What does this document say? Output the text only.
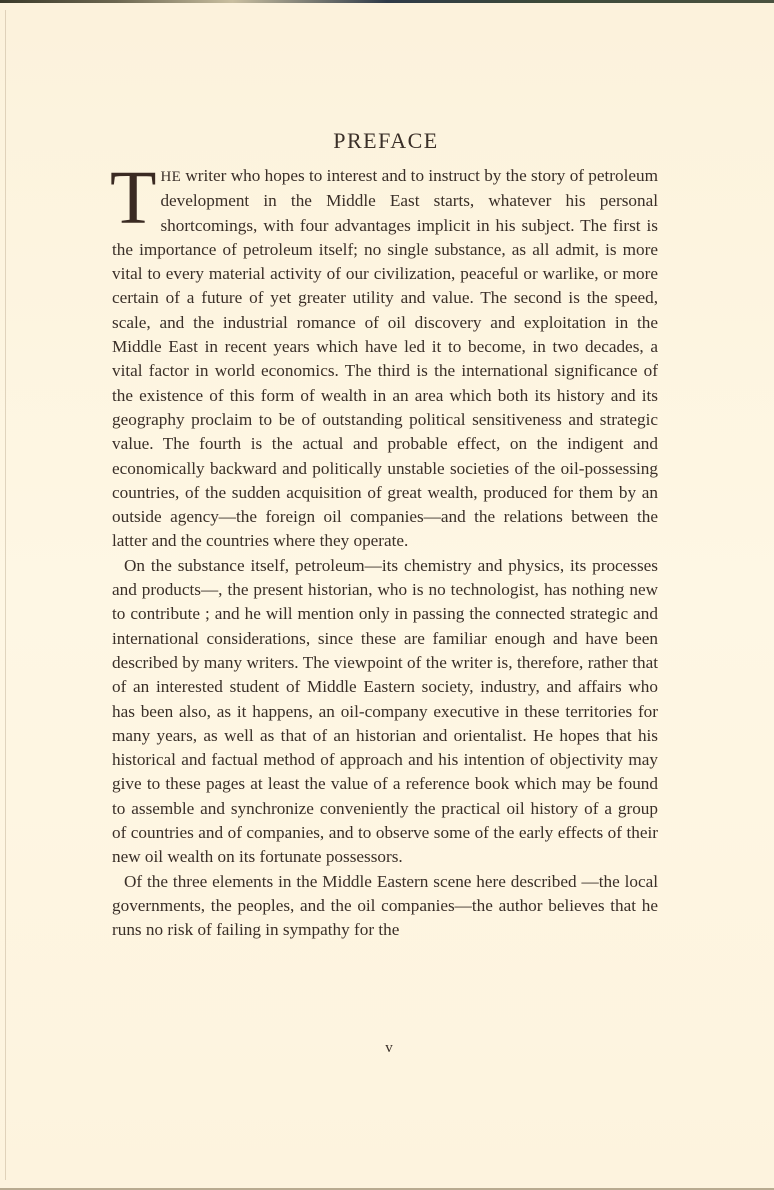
PREFACE

THE writer who hopes to interest and to instruct by the story of petroleum development in the Middle East starts, whatever his personal shortcomings, with four advantages implicit in his subject. The first is the importance of petroleum itself; no single substance, as all admit, is more vital to every material activity of our civilization, peaceful or warlike, or more certain of a future of yet greater utility and value. The second is the speed, scale, and the industrial romance of oil discovery and exploitation in the Middle East in recent years which have led it to become, in two decades, a vital factor in world economics. The third is the international significance of the existence of this form of wealth in an area which both its history and its geography proclaim to be of outstanding political sensitiveness and strategic value. The fourth is the actual and probable effect, on the indigent and economically backward and politically unstable societies of the oil-possessing countries, of the sudden acquisition of great wealth, produced for them by an outside agency—the foreign oil companies—and the relations between the latter and the countries where they operate.

On the substance itself, petroleum—its chemistry and physics, its processes and products—, the present historian, who is no technologist, has nothing new to contribute ; and he will mention only in passing the connected strategic and international considerations, since these are familiar enough and have been described by many writers. The viewpoint of the writer is, therefore, rather that of an interested student of Middle Eastern society, industry, and affairs who has been also, as it happens, an oil-company executive in these territories for many years, as well as that of an historian and orientalist. He hopes that his historical and factual method of approach and his intention of objectivity may give to these pages at least the value of a reference book which may be found to assemble and synchronize conveniently the practical oil history of a group of countries and of companies, and to observe some of the early effects of their new oil wealth on its fortunate possessors.

Of the three elements in the Middle Eastern scene here described —the local governments, the peoples, and the oil companies—the author believes that he runs no risk of failing in sympathy for the

v
